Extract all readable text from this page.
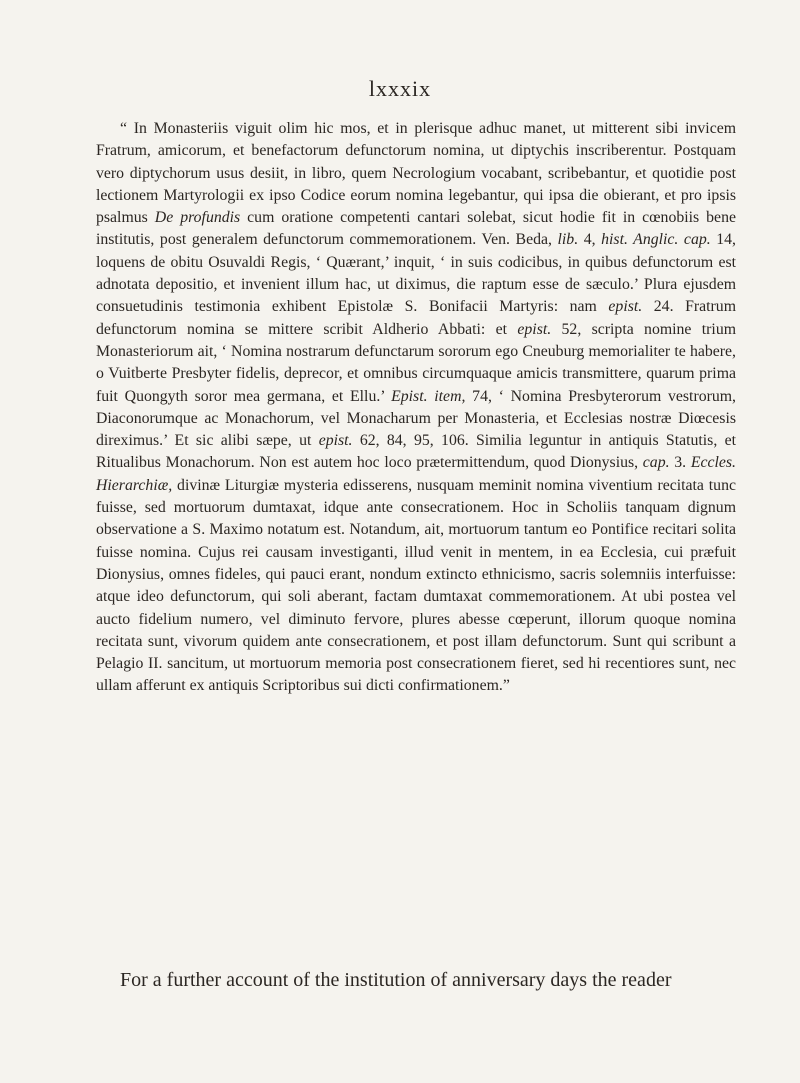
lxxxix

“ In Monasteriis viguit olim hic mos, et in plerisque adhuc manet, ut mitterent sibi invicem Fratrum, amicorum, et benefactorum defunctorum nomina, ut diptychis inscriberentur. Postquam vero diptychorum usus desiit, in libro, quem Necrologium vocabant, scribebantur, et quotidie post lectionem Martyrologii ex ipso Codice eorum nomina legebantur, qui ipsa die obierant, et pro ipsis psalmus De profundis cum oratione competenti cantari solebat, sicut hodie fit in cœnobiis bene institutis, post generalem defunctorum commemorationem. Ven. Beda, lib. 4, hist. Anglic. cap. 14, loquens de obitu Osuvaldi Regis, ‘ Quærant,’ inquit, ‘ in suis codicibus, in quibus defunctorum est adnotata depositio, et invenient illum hac, ut diximus, die raptum esse de sæculo.’ Plura ejusdem consuetudinis testimonia exhibent Epistolæ S. Bonifacii Martyris: nam epist. 24. Fratrum defunctorum nomina se mittere scribit Aldherio Abbati: et epist. 52, scripta nomine trium Monasteriorum ait, ‘ Nomina nostrarum defunctarum sororum ego Cneuburg memorialiter te habere, o Vuitberte Presbyter fidelis, deprecor, et omnibus circumquaque amicis transmittere, quarum prima fuit Quongyth soror mea germana, et Ellu.’ Epist. item, 74, ‘ Nomina Presbyterorum vestrorum, Diaconorumque ac Monachorum, vel Monacharum per Monasteria, et Ecclesias nostræ Diœcesis direximus.’ Et sic alibi sæpe, ut epist. 62, 84, 95, 106. Similia leguntur in antiquis Statutis, et Ritualibus Monachorum. Non est autem hoc loco prætermittendum, quod Dionysius, cap. 3. Eccles. Hierarchiæ, divinæ Liturgiæ mysteria edisserens, nusquam meminit nomina viventium recitata tunc fuisse, sed mortuorum dumtaxat, idque ante consecrationem. Hoc in Scholiis tanquam dignum observatione a S. Maximo notatum est. Notandum, ait, mortuorum tantum eo Pontifice recitari solita fuisse nomina. Cujus rei causam investiganti, illud venit in mentem, in ea Ecclesia, cui præfuit Dionysius, omnes fideles, qui pauci erant, nondum extincto ethnicismo, sacris solemniis interfuisse: atque ideo defunctorum, qui soli aberant, factam dumtaxat commemorationem. At ubi postea vel aucto fidelium numero, vel diminuto fervore, plures abesse cœperunt, illorum quoque nomina recitata sunt, vivorum quidem ante consecrationem, et post illam defunctorum. Sunt qui scribunt a Pelagio II. sancitum, ut mortuorum memoria post consecrationem fieret, sed hi recentiores sunt, nec ullam afferunt ex antiquis Scriptoribus sui dicti confirmationem.”

For a further account of the institution of anniversary days the reader
